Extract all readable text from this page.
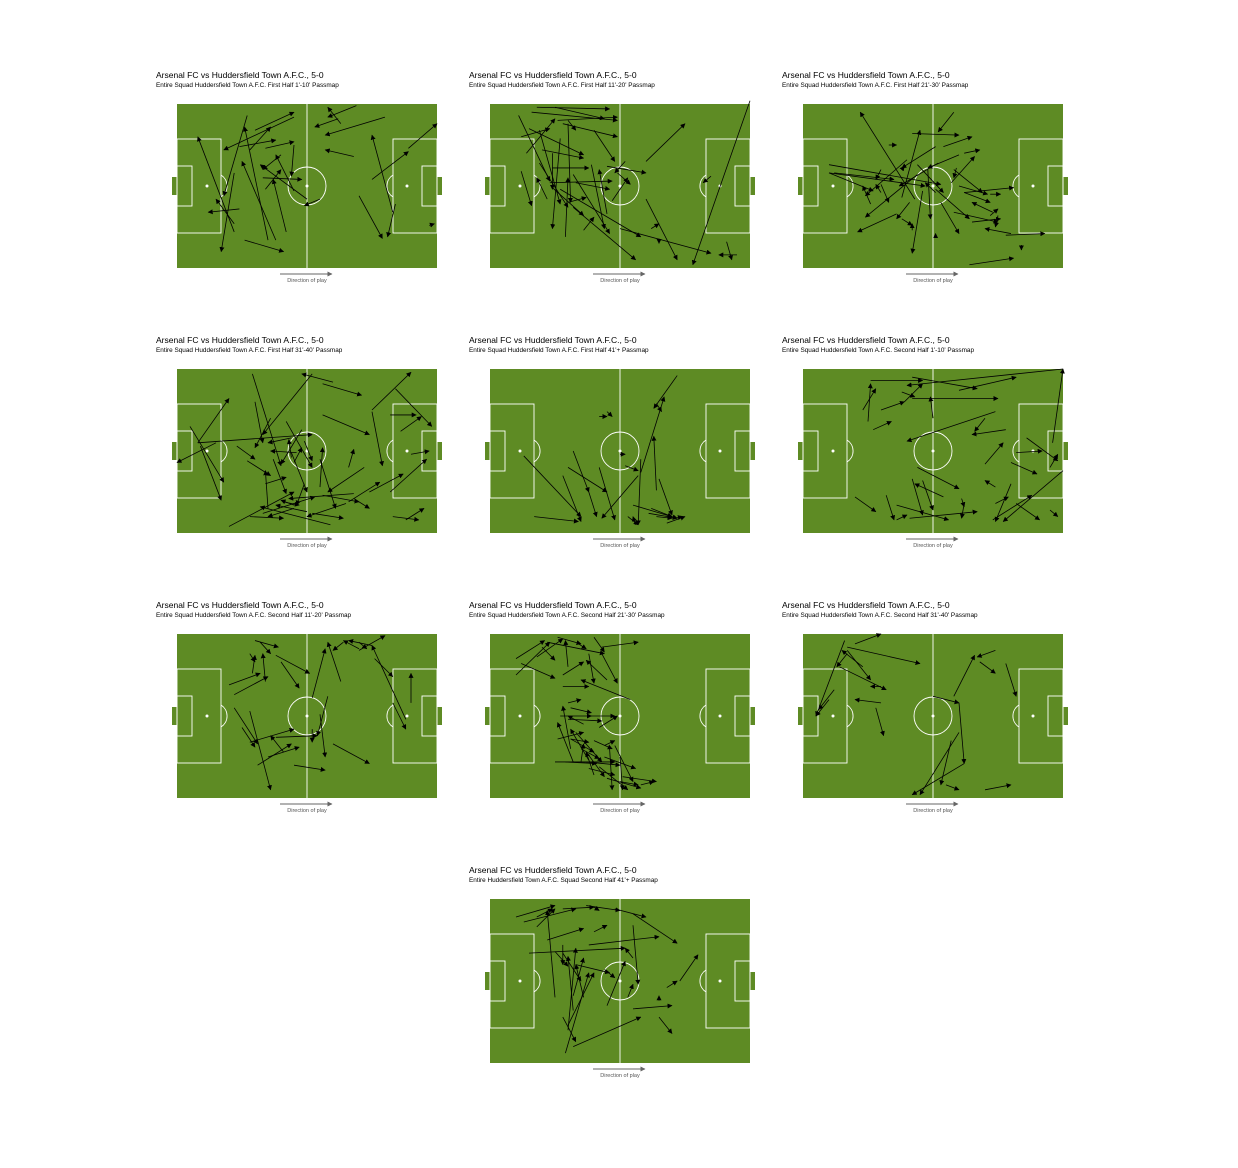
Arsenal FC vs Huddersfield Town A.F.C., 5-0
Entire Squad Huddersfield Town A.F.C. First Half 1'-10' Passmap
Direction of play
Arsenal FC vs Huddersfield Town A.F.C., 5-0
Entire Squad Huddersfield Town A.F.C. First Half 11'-20' Passmap
Direction of play
Arsenal FC vs Huddersfield Town A.F.C., 5-0
Entire Squad Huddersfield Town A.F.C. First Half 21'-30' Passmap
Direction of play
Arsenal FC vs Huddersfield Town A.F.C., 5-0
Entire Squad Huddersfield Town A.F.C. First Half 31'-40' Passmap
Direction of play
Arsenal FC vs Huddersfield Town A.F.C., 5-0
Entire Squad Huddersfield Town A.F.C. First Half 41'+ Passmap
Direction of play
Arsenal FC vs Huddersfield Town A.F.C., 5-0
Entire Squad Huddersfield Town A.F.C. Second Half 1'-10' Passmap
Direction of play
Arsenal FC vs Huddersfield Town A.F.C., 5-0
Entire Squad Huddersfield Town A.F.C. Second Half 11'-20' Passmap
Direction of play
Arsenal FC vs Huddersfield Town A.F.C., 5-0
Entire Squad Huddersfield Town A.F.C. Second Half 21'-30' Passmap
Direction of play
Arsenal FC vs Huddersfield Town A.F.C., 5-0
Entire Squad Huddersfield Town A.F.C. Second Half 31'-40' Passmap
Direction of play
Arsenal FC vs Huddersfield Town A.F.C., 5-0
Entire Huddersfield Town A.F.C. Squad Second Half 41'+ Passmap
Direction of play
